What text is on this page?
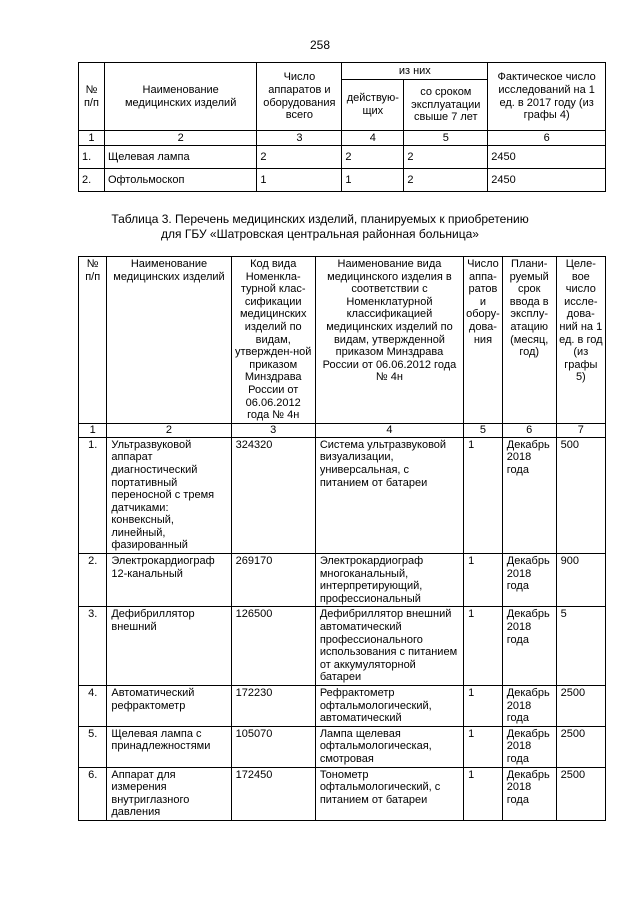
258
№ п/п	Наименование медицинских изделий	Число аппаратов и оборудования всего	из них		Фактическое число исследований на 1 ед. в 2017 году (из графы 4)
			действую-щих	со сроком эксплуатации свыше 7 лет	
1	2	3	4	5	6
1.	Щелевая лампа	2	2	2	2450
2.	Офтольмоскоп	1	1	2	2450
Таблица 3. Перечень медицинских изделий, планируемых к приобретению
для ГБУ «Шатровская центральная районная больница»
№ п/п	Наименование медицинских изделий	Код вида Номенкла-турной клас-сификации медицинских изделий по видам, утвержден-ной приказом Минздрава России от 06.06.2012 года № 4н	Наименование вида медицинского изделия в соответствии с Номенклатурной классификацией медицинских изделий по видам, утвержденной приказом Минздрава России от 06.06.2012 года № 4н	Число аппа-ратов и обору-дова-ния	Плани-руемый срок ввода в эксплу-атацию (месяц, год)	Целе-вое число иссле-дова-ний на 1 ед. в год (из графы 5)
1	2	3	4	5	6	7
1.	Ультразвуковой аппарат диагностический портативный переносной с тремя датчиками: конвексный, линейный, фазированный	324320	Система ультразвуковой визуализации, универсальная, с питанием от батареи	1	Декабрь 2018 года	500
2.	Электрокардиограф 12-канальный	269170	Электрокардиограф многоканальный, интерпретирующий, профессиональный	1	Декабрь 2018 года	900
3.	Дефибриллятор внешний	126500	Дефибриллятор внешний автоматический профессионального использования с питанием от аккумуляторной батареи	1	Декабрь 2018 года	5
4.	Автоматический рефрактометр	172230	Рефрактометр офтальмологический, автоматический	1	Декабрь 2018 года	2500
5.	Щелевая лампа с принадлежностями	105070	Лампа щелевая офтальмологическая, смотровая	1	Декабрь 2018 года	2500
6.	Аппарат для измерения внутриглазного давления	172450	Тонометр офтальмологический, с питанием от батареи	1	Декабрь 2018 года	2500
